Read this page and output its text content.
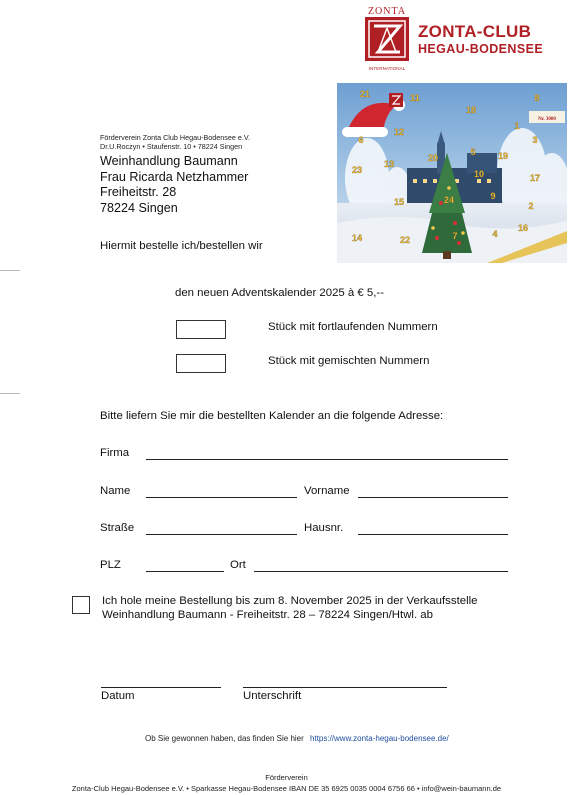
ZONTA
INTERNATIONAL
ZONTA-CLUB
HEGAU-BODENSEE
Nr. 3000
21	11	8
18
1
12
6	3
20
5 19
13
23
17
10
9
2
24
15
4
16
14	22	7
Förderverein Zonta Club Hegau-Bodensee e.V.
Dr.U.Roczyn • Staufenstr. 10 • 78224 Singen
Weinhandlung Baumann
Frau Ricarda Netzhammer
Freiheitstr. 28
78224 Singen
Hiermit bestelle ich/bestellen wir
den neuen Adventskalender 2025 à € 5,--
Stück mit fortlaufenden Nummern
Stück mit gemischten Nummern
Bitte liefern Sie mir die bestellten Kalender an die folgende Adresse:
Firma
Name	Vorname
Straße	Hausnr.
PLZ	Ort
Ich hole meine Bestellung bis zum 8. November 2025 in der Verkaufsstelle
Weinhandlung Baumann - Freiheitstr. 28 – 78224 Singen/Htwl. ab
Datum	Unterschrift
Ob Sie gewonnen haben, das finden Sie hier https://www.zonta-hegau-bodensee.de/
Förderverein
Zonta-Club Hegau-Bodensee e.V. • Sparkasse Hegau-Bodensee IBAN DE 35 6925 0035 0004 6756 66 • info@wein-baumann.de
